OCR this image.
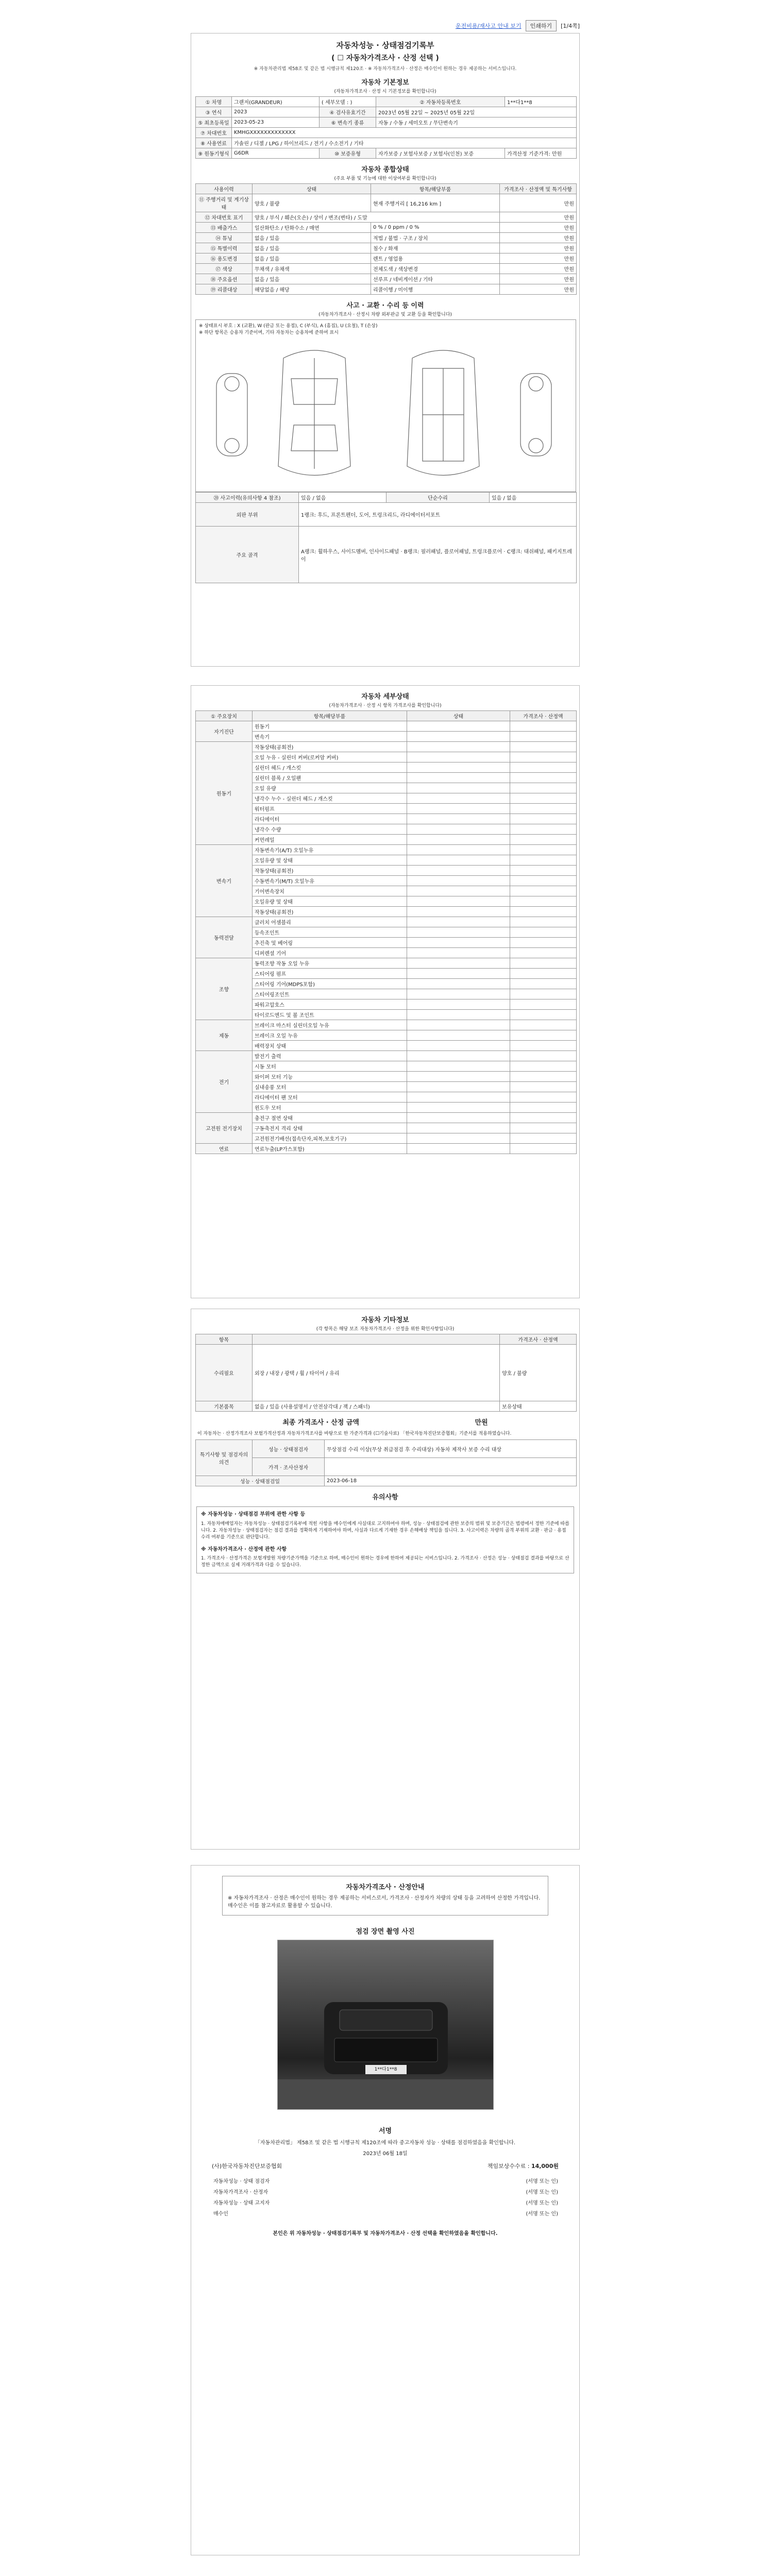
운전비용/재사고 안내 보기	인쇄하기	[1/4쪽]
자동차성능 · 상태점검기록부
( ☐ 자동차가격조사 · 산정 선택 )
※ 자동차관리법 제58조 및 같은 법 시행규칙 제120조 · ※ 자동차가격조사 · 산정은 매수인이 원하는 경우 제공하는 서비스입니다.
자동차 기본정보
(자동차가격조사 · 산정 시 기본정보를 확인합니다)
① 차명	그랜저(GRANDEUR)	( 세부모델 : )	② 자동차등록번호	1**다1**8
③ 연식	2023	④ 검사유효기간	2023년 05월 22일 ~ 2025년 05월 22일	
⑤ 최초등록일	2023-05-23	⑥ 변속기 종류	자동 / 수동 / 세미오토 / 무단변속기	
⑦ 차대번호	KMHGXXXXXXXXXXXXX			
⑧ 사용연료	가솔린 / 디젤 / LPG / 하이브리드 / 전기 / 수소전기 / 기타			
⑨ 원동기형식	G6DR	⑩ 보증유형	자가보증 / 보험사보증 / 보험사(인천) 보증	가격산정 기준가격: 만원
자동차 종합상태
(주요 부품 및 기능에 대한 이상여부를 확인합니다)
사용이력	상태	항목/해당부품	가격조사 · 산정액 및 특기사항
⑪ 주행거리 및 계기상태	양호 / 불량	현재 주행거리 [ 16,216 km ]	만원
⑫ 차대번호 표기	양호 / 부식 / 훼손(오손) / 상이 / 변조(변타) / 도말		만원
⑬ 배출가스	일산화탄소 / 탄화수소 / 매연	0 % / 0 ppm / 0 %	만원
⑭ 튜닝	없음 / 있음	적법 / 불법 · 구조 / 장치	만원
⑮ 특별이력	없음 / 있음	침수 / 화재	만원
⑯ 용도변경	없음 / 있음	렌트 / 영업용	만원
⑰ 색상	무채색 / 유채색	전체도색 / 색상변경	만원
⑱ 주요옵션	없음 / 있음	선루프 / 네비게이션 / 기타	만원
⑲ 리콜대상	해당없음 / 해당	리콜이행 / 미이행	만원
사고 · 교환 · 수리 등 이력
(자동차가격조사 · 산정시 차량 외부판금 및 교환 등을 확인합니다)
※ 상태표시 부호 : X (교환), W (판금 또는 용접), C (부식), A (흠집), U (요철), T (손상)
※ 하단 항목은 승용차 기준이며, 기타 자동차는 승용차에 준하여 표시
⑳ 사고이력(유의사항 4 참조)	있음 / 없음	단순수리	있음 / 없음
외판 부위	1랭크: 후드, 프론트펜더, 도어, 트렁크리드, 라디에이터서포트		
주요 골격	A랭크: 휠하우스, 사이드멤버, 인사이드패널 · B랭크: 필러패널, 플로어패널, 트렁크플로어 · C랭크: 대쉬패널, 패키지트레이		
자동차 세부상태
(자동차가격조사 · 산정 시 항목 가격조사를 확인합니다)
① 주요장치	항목/해당부품	상태	가격조사 · 산정액
자기진단	원동기		
	변속기		
원동기	작동상태(공회전)		
	오일 누유 - 실린더 커버(로커암 커버)		
	실린더 헤드 / 개스킷		
	실린더 블록 / 오일팬		
	오일 유량		
	냉각수 누수 - 실린더 헤드 / 개스킷		
	워터펌프		
	라디에이터		
	냉각수 수량		
	커먼레일		
변속기	자동변속기(A/T) 오일누유		
	오일유량 및 상태		
	작동상태(공회전)		
	수동변속기(M/T) 오일누유		
	기어변속장치		
	오일유량 및 상태		
	작동상태(공회전)		
동력전달	클러치 어셈블리		
	등속조인트		
	추진축 및 베어링		
	디퍼렌셜 기어		
조향	동력조향 작동 오일 누유		
	스티어링 펌프		
	스티어링 기어(MDPS포함)		
	스티어링조인트		
	파워고압호스		
	타이로드엔드 및 볼 조인트		
제동	브레이크 마스터 실린더오일 누유		
	브레이크 오일 누유		
	배력장치 상태		
전기	발전기 출력		
	시동 모터		
	와이퍼 모터 기능		
	실내송풍 모터		
	라디에이터 팬 모터		
	윈도우 모터		
고전원 전기장치	충전구 절연 상태		
	구동축전지 격리 상태		
	고전원전기배선(접속단자,피복,보호기구)		
연료	연료누출(LP가스포함)		
자동차 기타정보
(각 항목은 해당 보조 자동차가격조사 · 산정을 위한 확인사항입니다)
항목		가격조사 · 산정액
수리필요	외장 / 내장 / 광택 / 휠 / 타이어 / 유리	양호 / 불량
기본품목	없음 / 있음 (사용설명서 / 안전삼각대 / 잭 / 스패너)	보유상태
최종 가격조사 · 산정 금액	만원
이 자동차는 · 산정가격조사 보험가격산정과 자동차가격조사를 바탕으로 한 가준가격과 (☐기술사료) 「한국자동차진단보증협회」기준서를 적용하였습니다.
특기사항 및 점검자의 의견	성능 · 상태점검자	무상점검 수리 이상(무상 취급점검 후 수리대상) 자동차 제작사 보증 수리 대상
	가격 · 조사산정자	
성능 · 상태점검일		2023-06-18
유의사항
※ 자동차성능 · 상태점검 부위에 관한 사항 등

1. 자동차매매업자는 자동차성능 · 상태점검기록부에 적힌 사항을 매수인에게 사실대로 고지하여야 하며, 성능 · 상태점검에 관한 보증의 범위 및 보증기간은 법령에서 정한 기준에 따릅니다. 2. 자동차성능 · 상태점검자는 점검 결과를 정확하게 기재하여야 하며, 사실과 다르게 기재한 경우 손해배상 책임을 집니다. 3. 사고이력은 차량의 골격 부위의 교환 · 판금 · 용접 수리 여부를 기준으로 판단합니다.

※ 자동차가격조사 · 산정에 관한 사항

1. 가격조사 · 산정가격은 보험개발원 차량기준가액을 기준으로 하며, 매수인이 원하는 경우에 한하여 제공되는 서비스입니다. 2. 가격조사 · 산정은 성능 · 상태점검 결과를 바탕으로 산정한 금액으로 실제 거래가격과 다를 수 있습니다.

자동차가격조사 · 산정안내

※ 자동차가격조사 · 산정은 매수인이 원하는 경우 제공하는 서비스로서, 가격조사 · 산정자가 차량의 상태 등을 고려하여 산정한 가격입니다. 매수인은 이를 참고자료로 활용할 수 있습니다.

점검 장면 촬영 사진
1**다1**8
서명

「자동차관리법」 제58조 및 같은 법 시행규칙 제120조에 따라 중고자동차 성능 · 상태를 점검하였음을 확인합니다.

2023년 06월 18일

(사)한국자동차진단보증협회	책임보상수수료 : 14,000원
자동차성능 · 상태 점검자	(서명 또는 인)
자동차가격조사 · 산정자	(서명 또는 인)
자동차성능 · 상태 고지자	(서명 또는 인)
매수인	(서명 또는 인)

본인은 위 자동차성능 · 상태점검기록부 및 자동차가격조사 · 산정 선택을 확인하였음을 확인합니다.
